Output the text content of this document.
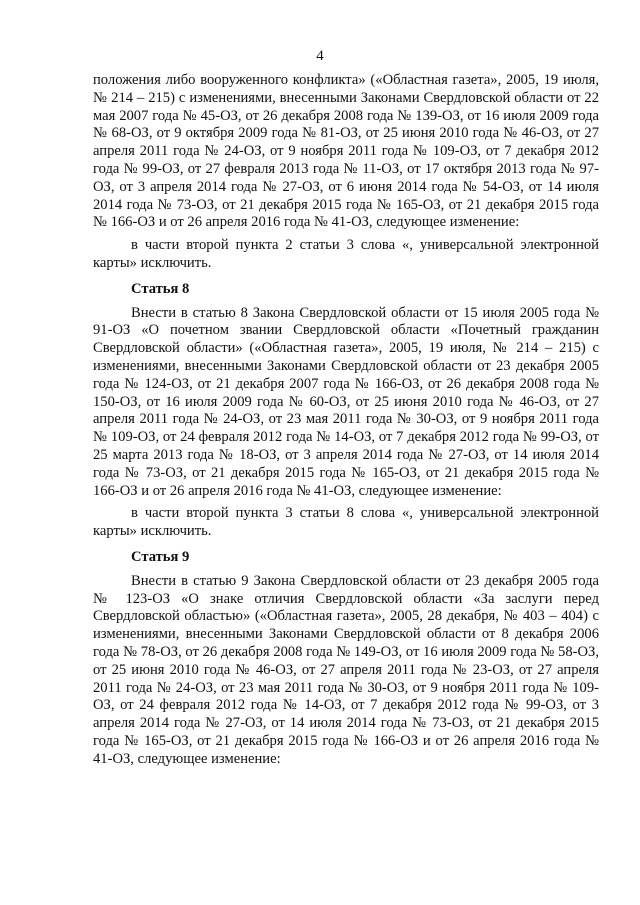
4

положения либо вооруженного конфликта» («Областная газета», 2005, 19 июля, № 214 – 215) с изменениями, внесенными Законами Свердловской области от 22 мая 2007 года № 45-ОЗ, от 26 декабря 2008 года № 139-ОЗ, от 16 июля 2009 года № 68-ОЗ, от 9 октября 2009 года № 81-ОЗ, от 25 июня 2010 года № 46-ОЗ, от 27 апреля 2011 года № 24-ОЗ, от 9 ноября 2011 года № 109-ОЗ, от 7 декабря 2012 года № 99-ОЗ, от 27 февраля 2013 года № 11-ОЗ, от 17 октября 2013 года № 97-ОЗ, от 3 апреля 2014 года № 27-ОЗ, от 6 июня 2014 года № 54-ОЗ, от 14 июля 2014 года № 73-ОЗ, от 21 декабря 2015 года № 165-ОЗ, от 21 декабря 2015 года № 166-ОЗ и от 26 апреля 2016 года № 41-ОЗ, следующее изменение:

в части второй пункта 2 статьи 3 слова «, универсальной электронной карты» исключить.

Статья 8

Внести в статью 8 Закона Свердловской области от 15 июля 2005 года № 91-ОЗ «О почетном звании Свердловской области «Почетный гражданин Свердловской области» («Областная газета», 2005, 19 июля, № 214 – 215) с изменениями, внесенными Законами Свердловской области от 23 декабря 2005 года № 124-ОЗ, от 21 декабря 2007 года № 166-ОЗ, от 26 декабря 2008 года № 150-ОЗ, от 16 июля 2009 года № 60-ОЗ, от 25 июня 2010 года № 46-ОЗ, от 27 апреля 2011 года № 24-ОЗ, от 23 мая 2011 года № 30-ОЗ, от 9 ноября 2011 года № 109-ОЗ, от 24 февраля 2012 года № 14-ОЗ, от 7 декабря 2012 года № 99-ОЗ, от 25 марта 2013 года № 18-ОЗ, от 3 апреля 2014 года № 27-ОЗ, от 14 июля 2014 года № 73-ОЗ, от 21 декабря 2015 года № 165-ОЗ, от 21 декабря 2015 года № 166-ОЗ и от 26 апреля 2016 года № 41-ОЗ, следующее изменение:

в части второй пункта 3 статьи 8 слова «, универсальной электронной карты» исключить.

Статья 9

Внести в статью 9 Закона Свердловской области от 23 декабря 2005 года № 123-ОЗ «О знаке отличия Свердловской области «За заслуги перед Свердловской областью» («Областная газета», 2005, 28 декабря, № 403 – 404) с изменениями, внесенными Законами Свердловской области от 8 декабря 2006 года № 78-ОЗ, от 26 декабря 2008 года № 149-ОЗ, от 16 июля 2009 года № 58-ОЗ, от 25 июня 2010 года № 46-ОЗ, от 27 апреля 2011 года № 23-ОЗ, от 27 апреля 2011 года № 24-ОЗ, от 23 мая 2011 года № 30-ОЗ, от 9 ноября 2011 года № 109-ОЗ, от 24 февраля 2012 года № 14-ОЗ, от 7 декабря 2012 года № 99-ОЗ, от 3 апреля 2014 года № 27-ОЗ, от 14 июля 2014 года № 73-ОЗ, от 21 декабря 2015 года № 165-ОЗ, от 21 декабря 2015 года № 166-ОЗ и от 26 апреля 2016 года № 41-ОЗ, следующее изменение:
